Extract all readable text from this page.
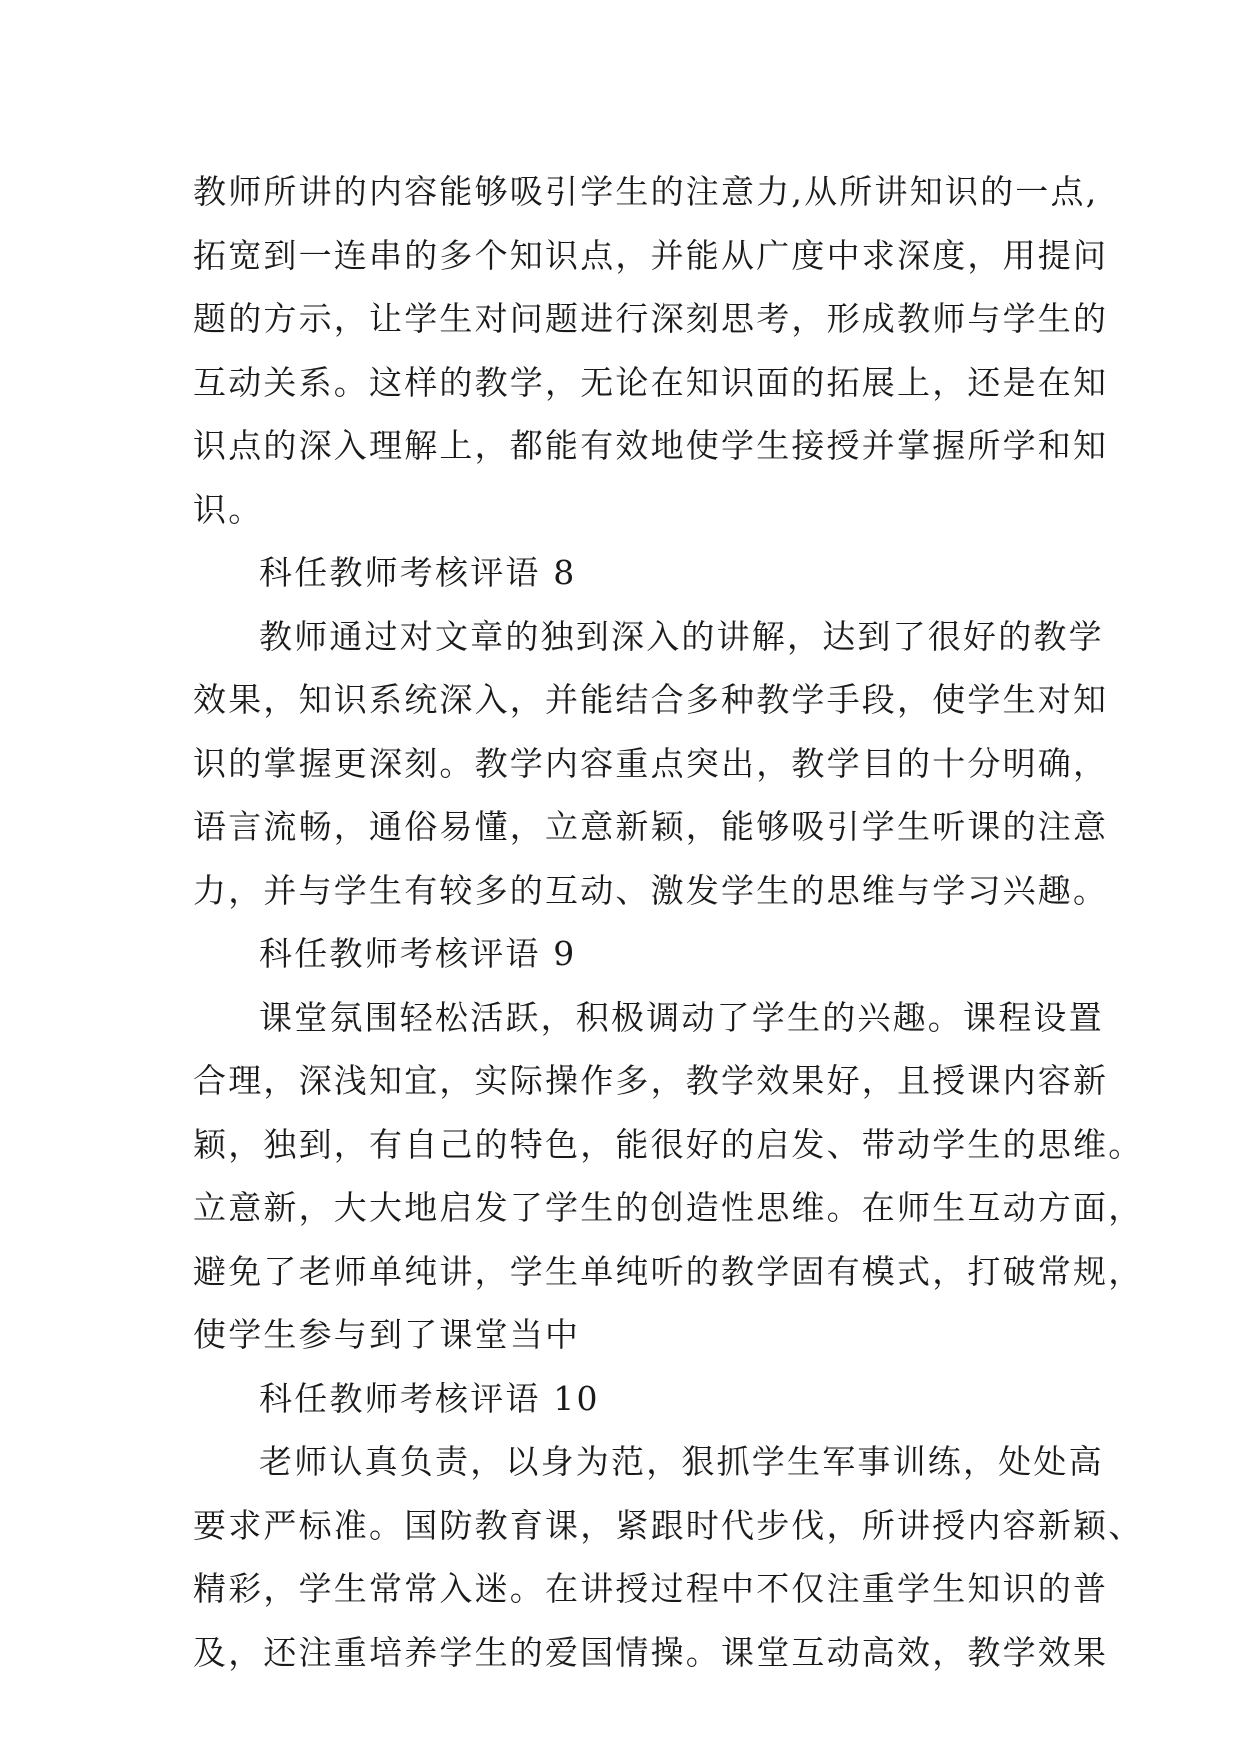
教师所讲的内容能够吸引学生的注意力,从所讲知识的一点,
拓宽到一连串的多个知识点，并能从广度中求深度，用提问
题的方示，让学生对问题进行深刻思考，形成教师与学生的
互动关系。这样的教学，无论在知识面的拓展上，还是在知
识点的深入理解上，都能有效地使学生接授并掌握所学和知
识。
科任教师考核评语 8
教师通过对文章的独到深入的讲解，达到了很好的教学
效果，知识系统深入，并能结合多种教学手段，使学生对知
识的掌握更深刻。教学内容重点突出，教学目的十分明确，
语言流畅，通俗易懂，立意新颖，能够吸引学生听课的注意
力，并与学生有较多的互动、激发学生的思维与学习兴趣。
科任教师考核评语 9
课堂氛围轻松活跃，积极调动了学生的兴趣。课程设置
合理，深浅知宜，实际操作多，教学效果好，且授课内容新
颖，独到，有自己的特色，能很好的启发、带动学生的思维。
立意新，大大地启发了学生的创造性思维。在师生互动方面，
避免了老师单纯讲，学生单纯听的教学固有模式，打破常规，
使学生参与到了课堂当中
科任教师考核评语 10
老师认真负责，以身为范，狠抓学生军事训练，处处高
要求严标准。国防教育课，紧跟时代步伐，所讲授内容新颖、
精彩，学生常常入迷。在讲授过程中不仅注重学生知识的普
及，还注重培养学生的爱国情操。课堂互动高效，教学效果
